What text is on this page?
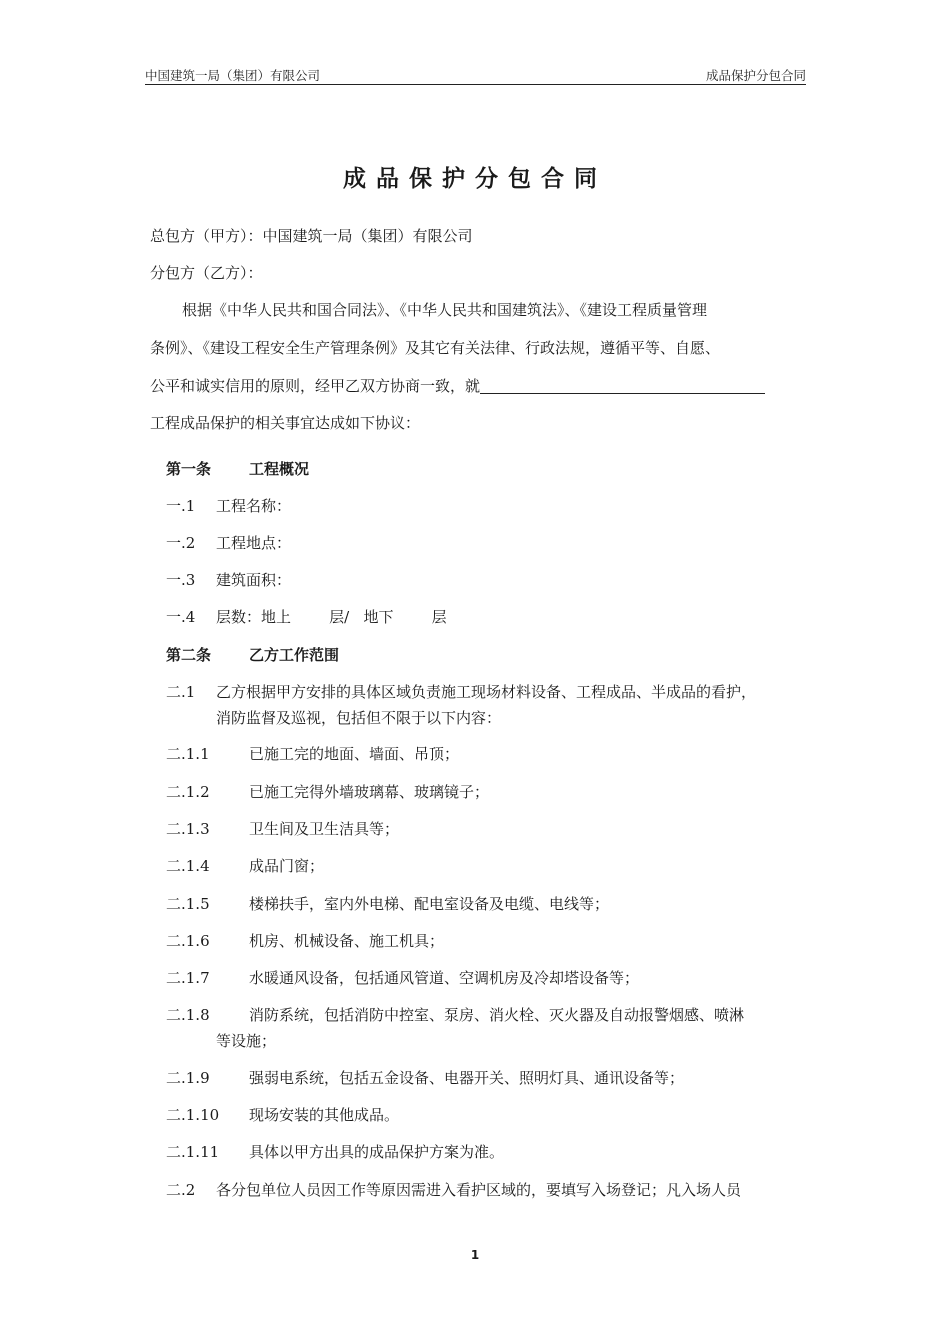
中国建筑一局（集团）有限公司	成品保护分包合同
成品保护分包合同
总包方（甲方）：中国建筑一局（集团）有限公司
分包方（乙方）：
根据《中华人民共和国合同法》、《中华人民共和国建筑法》、《建设工程质量管理
条例》、《建设工程安全生产管理条例》及其它有关法律、行政法规，遵循平等、自愿、
公平和诚实信用的原则，经甲乙双方协商一致，就
工程成品保护的相关事宜达成如下协议：
第一条	工程概况
一.1 工程名称：
一.2 工程地点：
一.3 建筑面积：
一.4 层数：地上        层/   地下        层
第二条	乙方工作范围
二.1 乙方根据甲方安排的具体区域负责施工现场材料设备、工程成品、半成品的看护，
消防监督及巡视，包括但不限于以下内容：
二.1.1	已施工完的地面、墙面、吊顶；
二.1.2	已施工完得外墙玻璃幕、玻璃镜子；
二.1.3	卫生间及卫生洁具等；
二.1.4	成品门窗；
二.1.5	楼梯扶手，室内外电梯、配电室设备及电缆、电线等；
二.1.6	机房、机械设备、施工机具；
二.1.7	水暖通风设备，包括通风管道、空调机房及冷却塔设备等；
二.1.8	消防系统，包括消防中控室、泵房、消火栓、灭火器及自动报警烟感、喷淋
等设施；
二.1.9	强弱电系统，包括五金设备、电器开关、照明灯具、通讯设备等；
二.1.10 现场安装的其他成品。
二.1.11 具体以甲方出具的成品保护方案为准。
二.2 各分包单位人员因工作等原因需进入看护区域的，要填写入场登记；凡入场人员
1
